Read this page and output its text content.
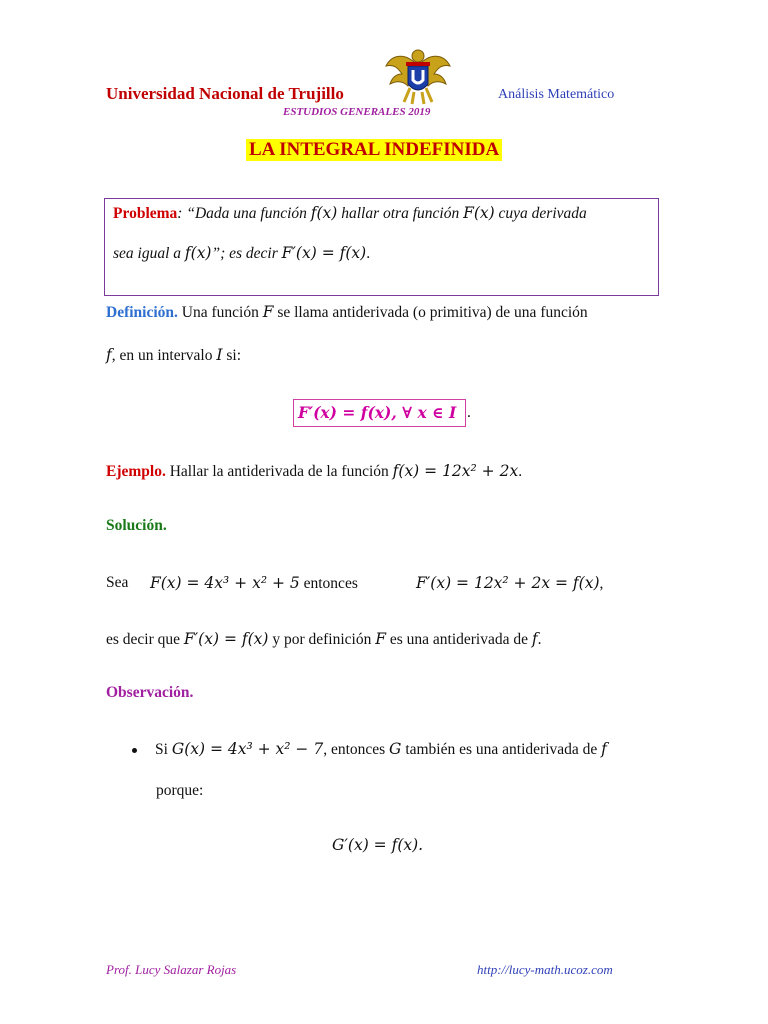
Universidad Nacional de Trujillo	Análisis Matemático
ESTUDIOS GENERALES 2019
LA INTEGRAL INDEFINIDA
Problema: “Dada una función f(x) hallar otra función F(x) cuya derivada
sea igual a f(x)”; es decir F′(x) = f(x).
Definición. Una función F se llama antiderivada (o primitiva) de una función
f, en un intervalo I si:
F′(x) = f(x), ∀ x ∈ I .
Ejemplo. Hallar la antiderivada de la función f(x) = 12x² + 2x.
Solución.
Sea F(x) = 4x³ + x² + 5 entonces	F′(x) = 12x² + 2x = f(x),
es decir que F′(x) = f(x) y por definición F es una antiderivada de f.
Observación.
Si G(x) = 4x³ + x² − 7, entonces G también es una antiderivada de f
porque:
G′(x) = f(x).
Prof. Lucy Salazar Rojas	http://lucy-math.ucoz.com
